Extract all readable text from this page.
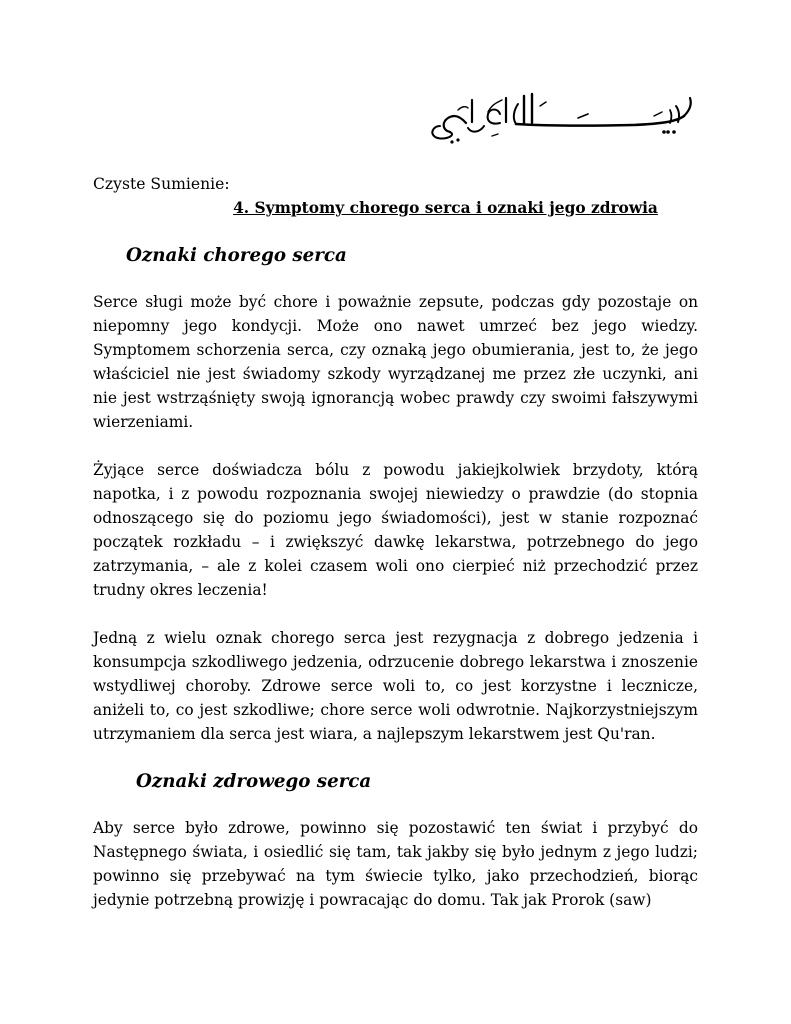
Czyste Sumienie:

4. Symptomy chorego serca i oznaki jego zdrowia

Oznaki chorego serca

Serce sługi może być chore i poważnie zepsute, podczas gdy pozostaje on niepomny jego kondycji. Może ono nawet umrzeć bez jego wiedzy. Symptomem schorzenia serca, czy oznaką jego obumierania, jest to, że jego właściciel nie jest świadomy szkody wyrządzanej me przez złe uczynki, ani nie jest wstrząśnięty swoją ignorancją wobec prawdy czy swoimi fałszywymi wierzeniami.

Żyjące serce doświadcza bólu z powodu jakiejkolwiek brzydoty, którą napotka, i z powodu rozpoznania swojej niewiedzy o prawdzie (do stopnia odnoszącego się do poziomu jego świadomości), jest w stanie rozpoznać początek rozkładu – i zwiększyć dawkę lekarstwa, potrzebnego do jego zatrzymania, – ale z kolei czasem woli ono cierpieć niż przechodzić przez trudny okres leczenia!

Jedną z wielu oznak chorego serca jest rezygnacja z dobrego jedzenia i konsumpcja szkodliwego jedzenia, odrzucenie dobrego lekarstwa i znoszenie wstydliwej choroby. Zdrowe serce woli to, co jest korzystne i lecznicze, aniżeli to, co jest szkodliwe; chore serce woli odwrotnie. Najkorzystniejszym utrzymaniem dla serca jest wiara, a najlepszym lekarstwem jest Qu'ran.

Oznaki zdrowego serca

Aby serce było zdrowe, powinno się pozostawić ten świat i przybyć do Następnego świata, i osiedlić się tam, tak jakby się było jednym z jego ludzi; powinno się przebywać na tym świecie tylko, jako przechodzień, biorąc jedynie potrzebną prowizję i powracając do domu. Tak jak Prorok (saw)
